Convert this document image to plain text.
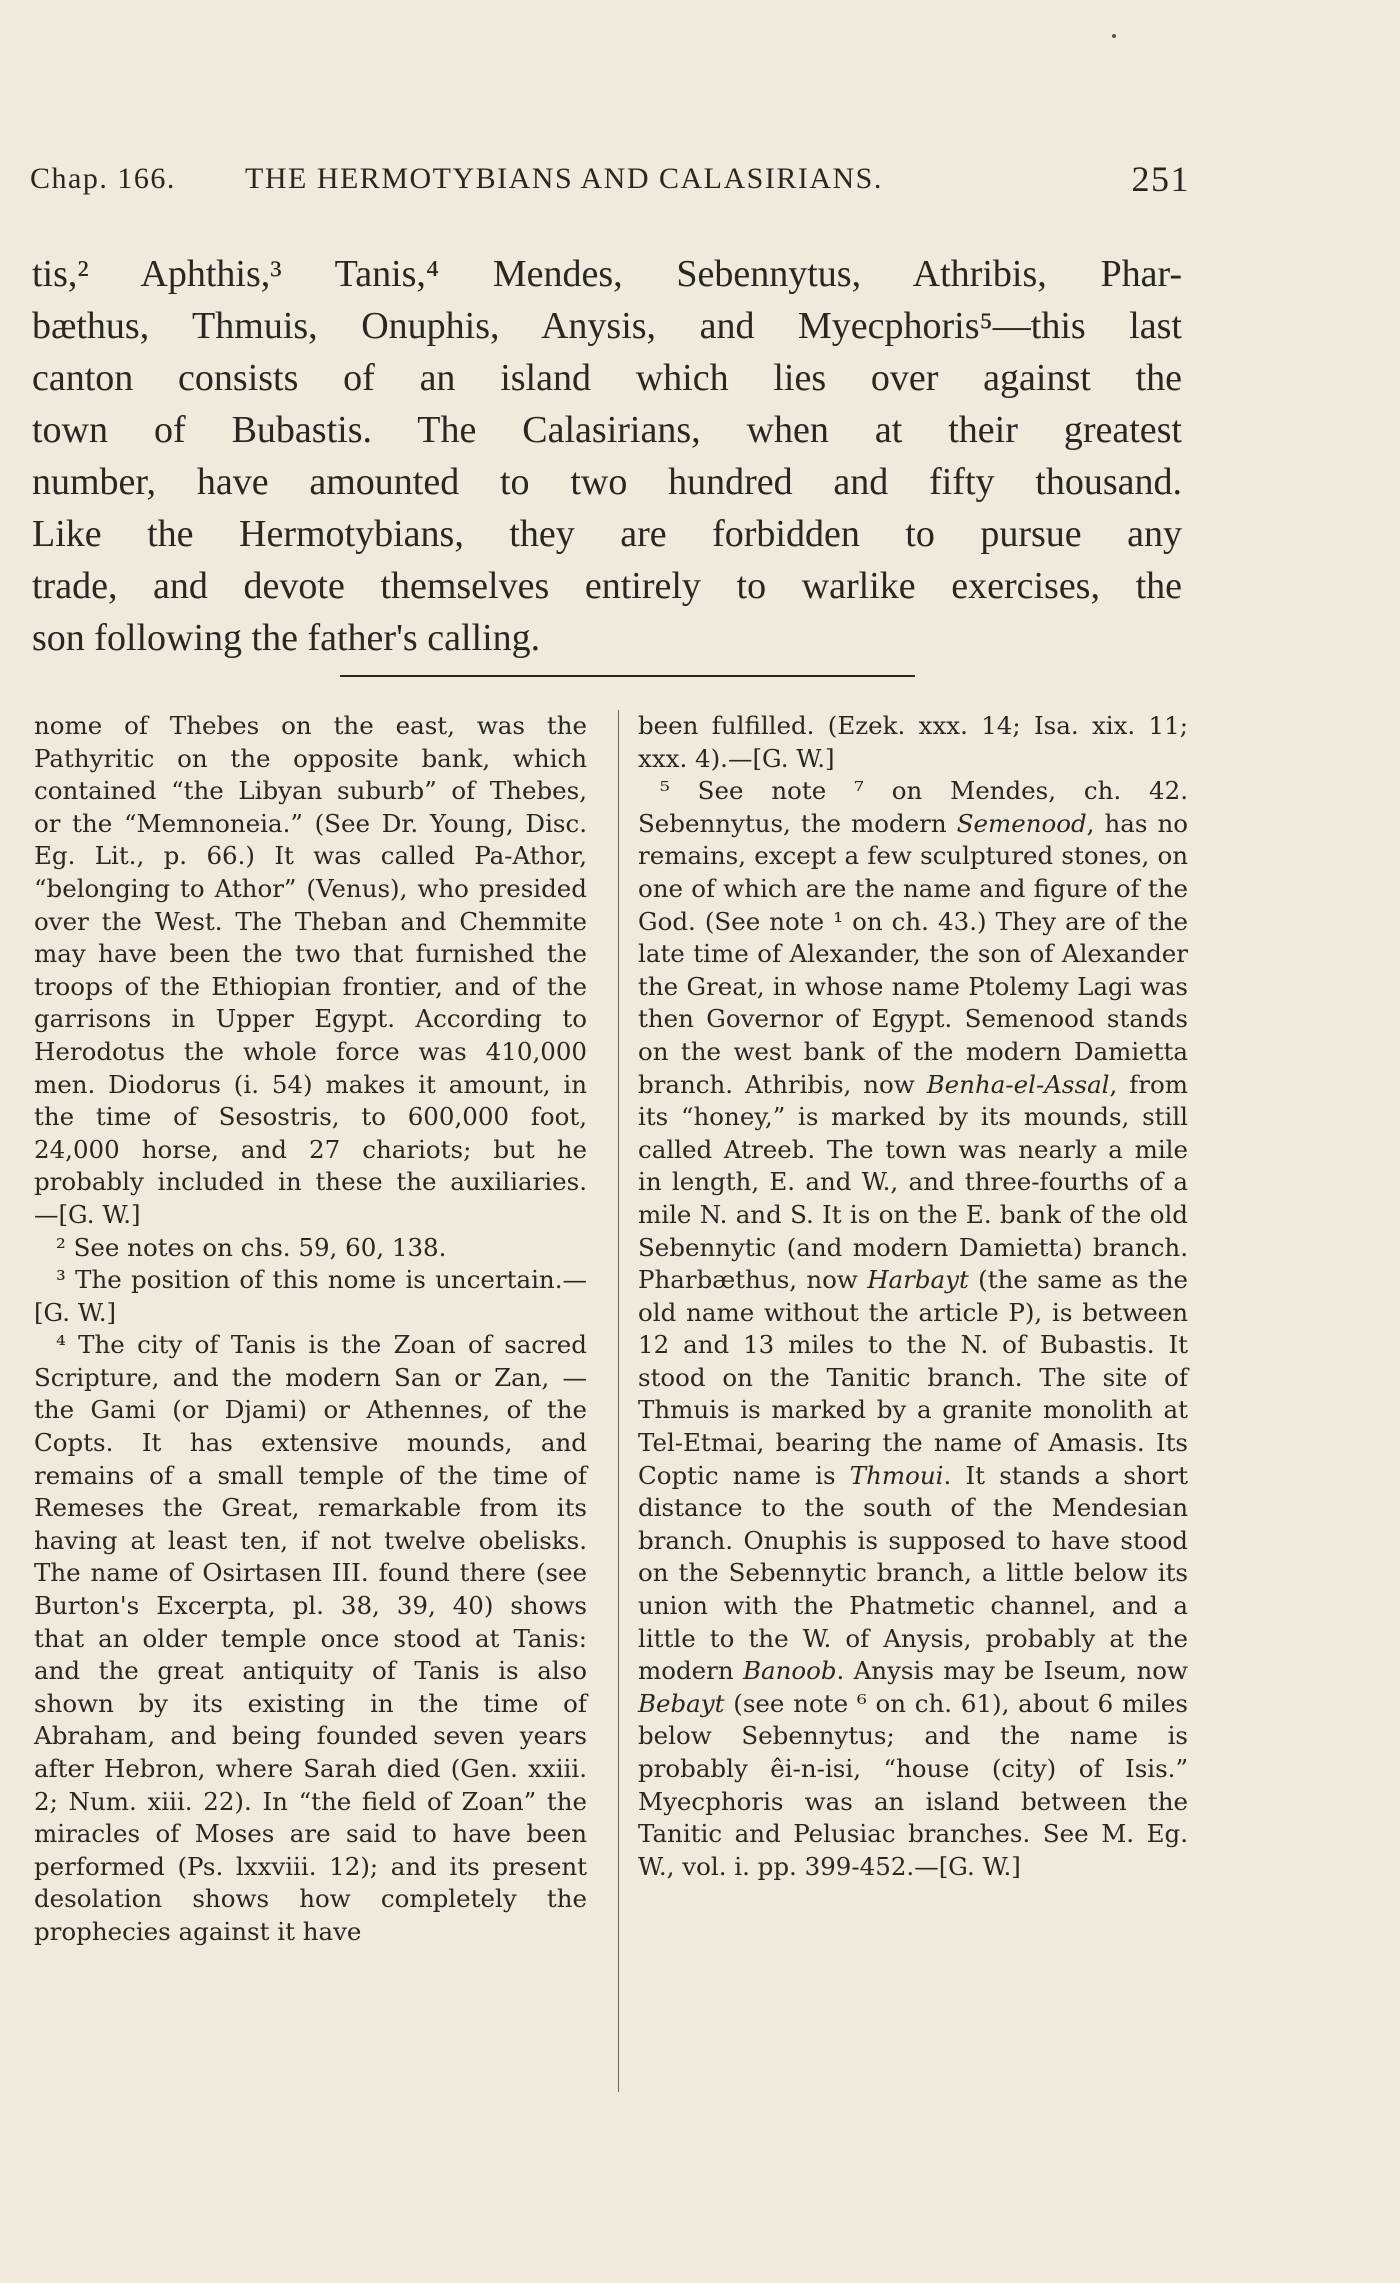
Chap. 166. THE HERMOTYBIANS AND CALASIRIANS.	251
tis,² Aphthis,³ Tanis,⁴ Mendes, Sebennytus, Athribis, Phar-
bæthus, Thmuis, Onuphis, Anysis, and Myecphoris⁵—this last
canton consists of an island which lies over against the
town of Bubastis. The Calasirians, when at their greatest
number, have amounted to two hundred and fifty thousand.
Like the Hermotybians, they are forbidden to pursue any
trade, and devote themselves entirely to warlike exercises, the
son following the father's calling.

nome of Thebes on the east, was the Pathyritic on the opposite bank, which contained “the Libyan suburb” of Thebes, or the “Memnoneia.” (See Dr. Young, Disc. Eg. Lit., p. 66.) It was called Pa-Athor, “belonging to Athor” (Venus), who presided over the West. The Theban and Chemmite may have been the two that furnished the troops of the Ethiopian frontier, and of the garrisons in Upper Egypt. According to Herodotus the whole force was 410,000 men. Diodorus (i. 54) makes it amount, in the time of Sesostris, to 600,000 foot, 24,000 horse, and 27 chariots; but he probably included in these the auxiliaries. —[G. W.]

² See notes on chs. 59, 60, 138.

³ The position of this nome is uncertain.—[G. W.]

⁴ The city of Tanis is the Zoan of sacred Scripture, and the modern San or Zan, — the Gami (or Djami) or Athennes, of the Copts. It has extensive mounds, and remains of a small temple of the time of Remeses the Great, remarkable from its having at least ten, if not twelve obelisks. The name of Osirtasen III. found there (see Burton's Excerpta, pl. 38, 39, 40) shows that an older temple once stood at Tanis: and the great antiquity of Tanis is also shown by its existing in the time of Abraham, and being founded seven years after Hebron, where Sarah died (Gen. xxiii. 2; Num. xiii. 22). In “the field of Zoan” the miracles of Moses are said to have been performed (Ps. lxxviii. 12); and its present desolation shows how completely the prophecies against it have

been fulfilled. (Ezek. xxx. 14; Isa. xix. 11; xxx. 4).—[G. W.]

⁵ See note ⁷ on Mendes, ch. 42. Sebennytus, the modern Semenood, has no remains, except a few sculptured stones, on one of which are the name and figure of the God. (See note ¹ on ch. 43.) They are of the late time of Alexander, the son of Alexander the Great, in whose name Ptolemy Lagi was then Governor of Egypt. Semenood stands on the west bank of the modern Damietta branch. Athribis, now Benha-el-Assal, from its “honey,” is marked by its mounds, still called Atreeb. The town was nearly a mile in length, E. and W., and three-fourths of a mile N. and S. It is on the E. bank of the old Sebennytic (and modern Damietta) branch. Pharbæthus, now Harbayt (the same as the old name without the article P), is between 12 and 13 miles to the N. of Bubastis. It stood on the Tanitic branch. The site of Thmuis is marked by a granite monolith at Tel-Etmai, bearing the name of Amasis. Its Coptic name is Thmoui. It stands a short distance to the south of the Mendesian branch. Onuphis is supposed to have stood on the Sebennytic branch, a little below its union with the Phatmetic channel, and a little to the W. of Anysis, probably at the modern Banoob. Anysis may be Iseum, now Bebayt (see note ⁶ on ch. 61), about 6 miles below Sebennytus; and the name is probably êi-n-isi, “house (city) of Isis.” Myecphoris was an island between the Tanitic and Pelusiac branches. See M. Eg. W., vol. i. pp. 399-452.—[G. W.]
